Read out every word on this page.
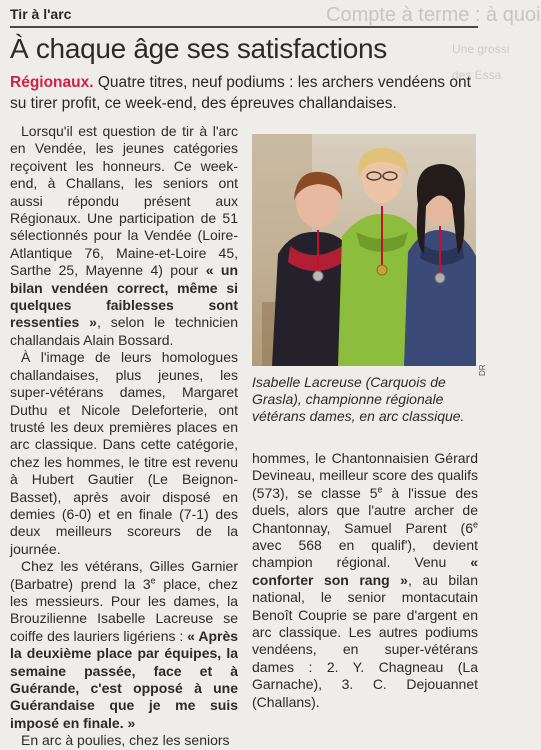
Compte à terme : à quoi
Une grossi
des Essa
Tir à l'arc
À chaque âge ses satisfactions
Régionaux. Quatre titres, neuf podiums : les archers vendéens ont su tirer profit, ce week-end, des épreuves challandaises.

Lorsqu'il est question de tir à l'arc en Vendée, les jeunes catégories reçoivent les honneurs. Ce week-end, à Challans, les seniors ont aussi répondu présent aux Régionaux. Une participation de 51 sélectionnés pour la Vendée (Loire-Atlantique 76, Maine-et-Loire 45, Sarthe 25, Mayenne 4) pour « un bilan vendéen correct, même si quelques faiblesses sont ressenties », selon le technicien challandais Alain Bossard.

À l'image de leurs homologues challandaises, plus jeunes, les super-vétérans dames, Margaret Duthu et Nicole Deleforterie, ont trusté les deux premières places en arc classique. Dans cette catégorie, chez les hommes, le titre est revenu à Hubert Gautier (Le Beignon-Basset), après avoir disposé en demies (6-0) et en finale (7-1) des deux meilleurs scoreurs de la journée.

Chez les vétérans, Gilles Garnier (Barbatre) prend la 3e place, chez les messieurs. Pour les dames, la Brouzilienne Isabelle Lacreuse se coiffe des lauriers ligériens : « Après la deuxième place par équipes, la semaine passée, face et à Guérande, c'est opposé à une Guérandaise que je me suis imposé en finale. »

En arc à poulies, chez les seniors

DR
Isabelle Lacreuse (Carquois de Grasla), championne régionale vétérans dames, en arc classique.

hommes, le Chantonnaisien Gérard Devineau, meilleur score des qualifs (573), se classe 5e à l'issue des duels, alors que l'autre archer de Chantonnay, Samuel Parent (6e avec 568 en qualif'), devient champion régional. Venu « conforter son rang », au bilan national, le senior montacutain Benoît Couprie se pare d'argent en arc classique. Les autres podiums vendéens, en super-vétérans dames : 2. Y. Chagneau (La Garnache), 3. C. Dejouannet (Challans).
